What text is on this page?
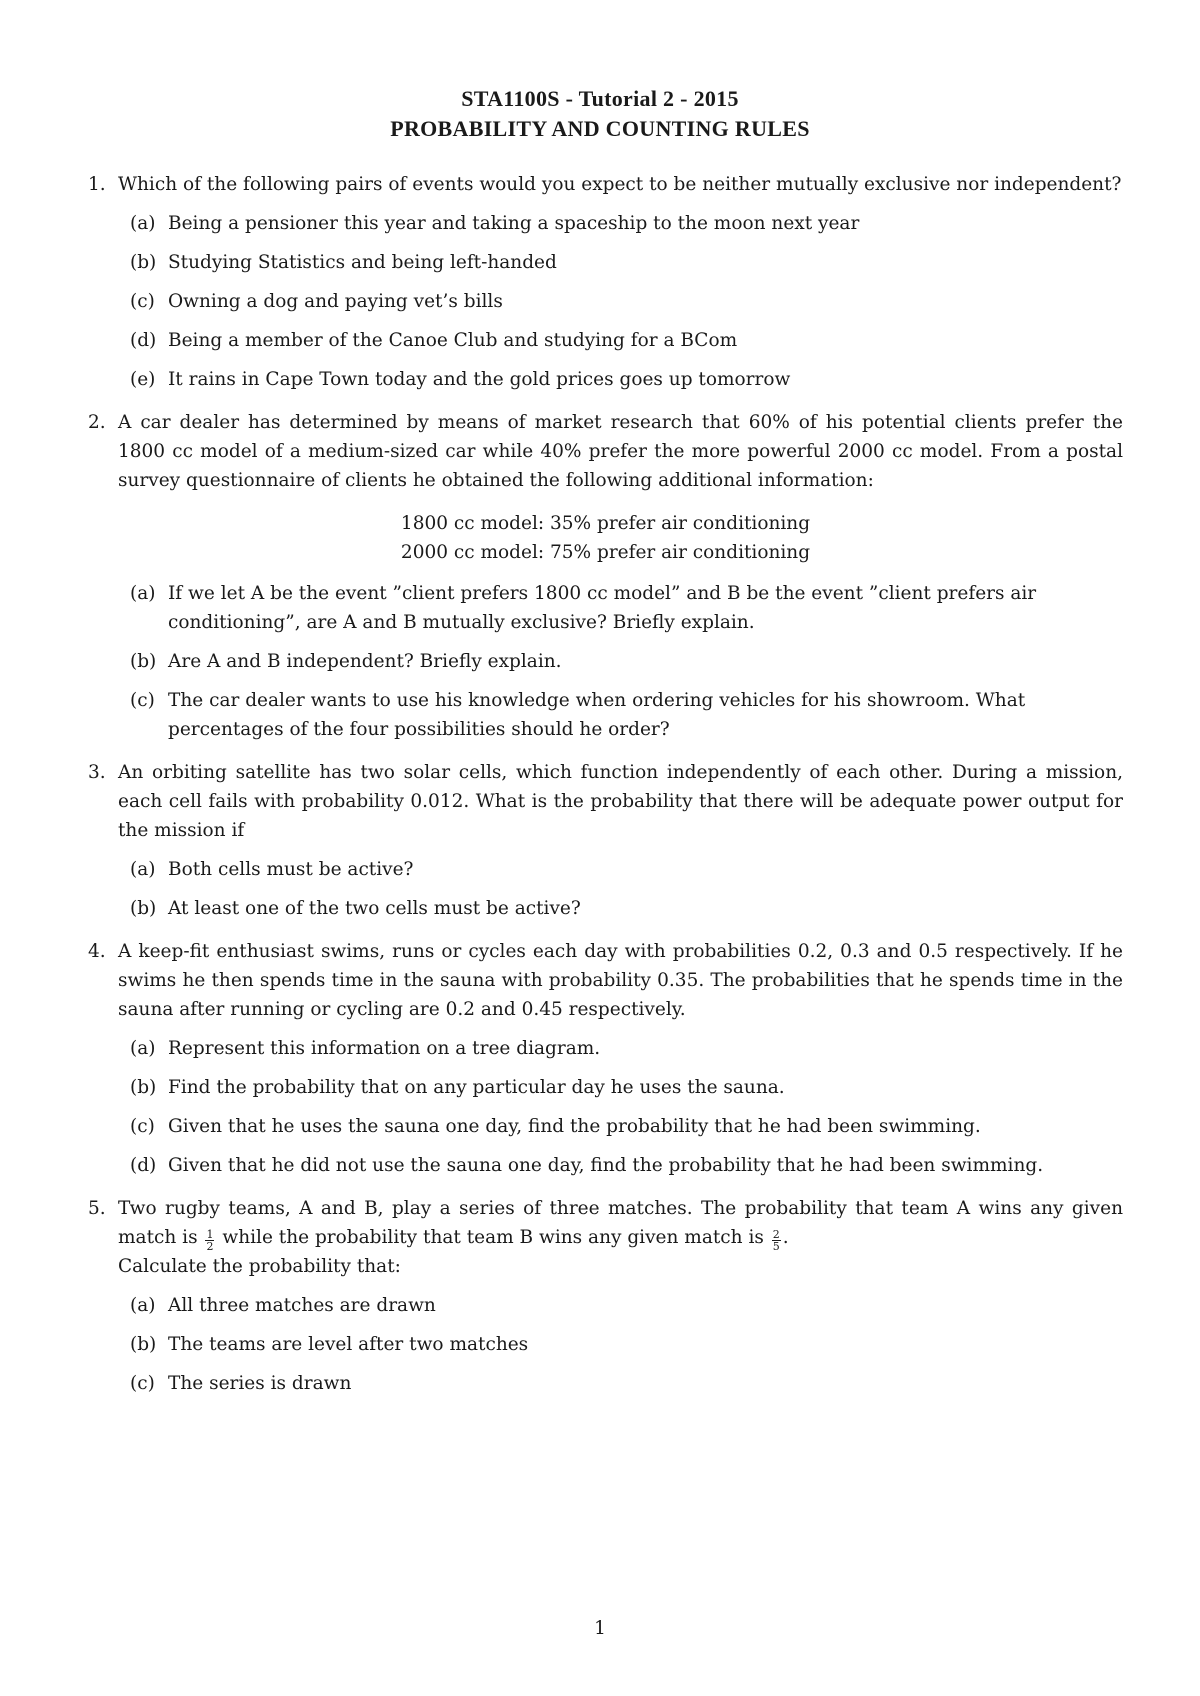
STA1100S - Tutorial 2 - 2015
PROBABILITY AND COUNTING RULES
1. Which of the following pairs of events would you expect to be neither mutually exclusive nor independent?
(a) Being a pensioner this year and taking a spaceship to the moon next year
(b) Studying Statistics and being left-handed
(c) Owning a dog and paying vet’s bills
(d) Being a member of the Canoe Club and studying for a BCom
(e) It rains in Cape Town today and the gold prices goes up tomorrow
2. A car dealer has determined by means of market research that 60% of his potential clients prefer the 1800 cc model of a medium-sized car while 40% prefer the more powerful 2000 cc model. From a postal survey questionnaire of clients he obtained the following additional information:
1800 cc model: 35% prefer air conditioning
2000 cc model: 75% prefer air conditioning
(a) If we let A be the event ”client prefers 1800 cc model” and B be the event ”client prefers air conditioning”, are A and B mutually exclusive? Briefly explain.
(b) Are A and B independent? Briefly explain.
(c) The car dealer wants to use his knowledge when ordering vehicles for his showroom. What percentages of the four possibilities should he order?
3. An orbiting satellite has two solar cells, which function independently of each other. During a mission, each cell fails with probability 0.012. What is the probability that there will be adequate power output for the mission if
(a) Both cells must be active?
(b) At least one of the two cells must be active?
4. A keep-fit enthusiast swims, runs or cycles each day with probabilities 0.2, 0.3 and 0.5 respectively. If he swims he then spends time in the sauna with probability 0.35. The probabilities that he spends time in the sauna after running or cycling are 0.2 and 0.45 respectively.
(a) Represent this information on a tree diagram.
(b) Find the probability that on any particular day he uses the sauna.
(c) Given that he uses the sauna one day, find the probability that he had been swimming.
(d) Given that he did not use the sauna one day, find the probability that he had been swimming.
5. Two rugby teams, A and B, play a series of three matches. The probability that team A wins any given match is $\frac{1}{2}$ while the probability that team B wins any given match is $\frac{2}{5}$ .
Calculate the probability that:
(a) All three matches are drawn
(b) The teams are level after two matches
(c) The series is drawn
1
